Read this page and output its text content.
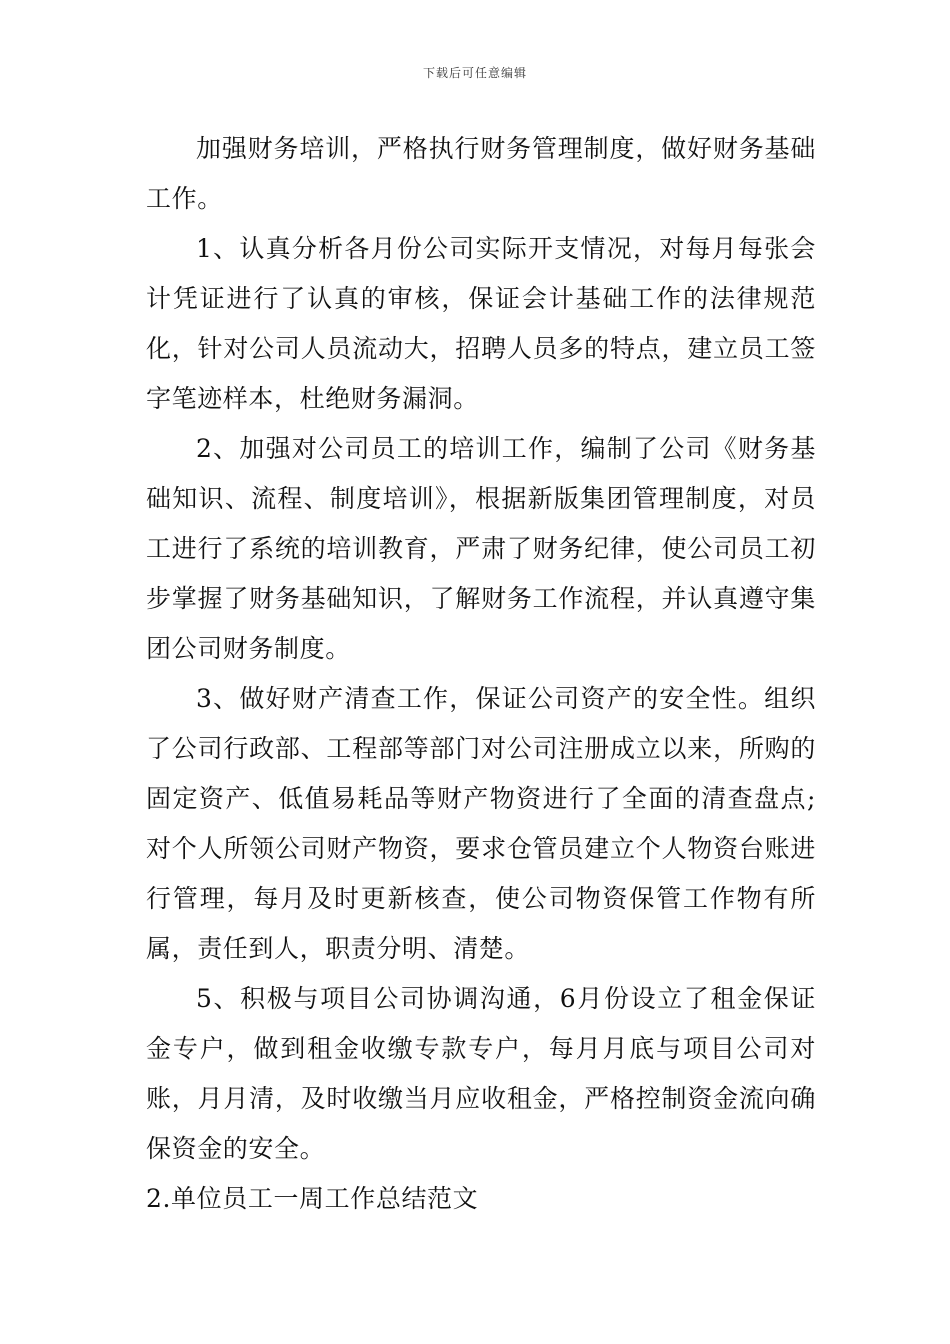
下载后可任意编辑

加强财务培训，严格执行财务管理制度，做好财务基础工作。

1、认真分析各月份公司实际开支情况，对每月每张会计凭证进行了认真的审核，保证会计基础工作的法律规范化，针对公司人员流动大，招聘人员多的特点，建立员工签字笔迹样本，杜绝财务漏洞。

2、加强对公司员工的培训工作，编制了公司《财务基础知识、流程、制度培训》，根据新版集团管理制度，对员工进行了系统的培训教育，严肃了财务纪律，使公司员工初步掌握了财务基础知识，了解财务工作流程，并认真遵守集团公司财务制度。

3、做好财产清查工作，保证公司资产的安全性。组织了公司行政部、工程部等部门对公司注册成立以来，所购的固定资产、低值易耗品等财产物资进行了全面的清查盘点;对个人所领公司财产物资，要求仓管员建立个人物资台账进行管理，每月及时更新核查，使公司物资保管工作物有所属，责任到人，职责分明、清楚。

5、积极与项目公司协调沟通，6月份设立了租金保证金专户，做到租金收缴专款专户，每月月底与项目公司对账，月月清，及时收缴当月应收租金，严格控制资金流向确保资金的安全。

2.单位员工一周工作总结范文
